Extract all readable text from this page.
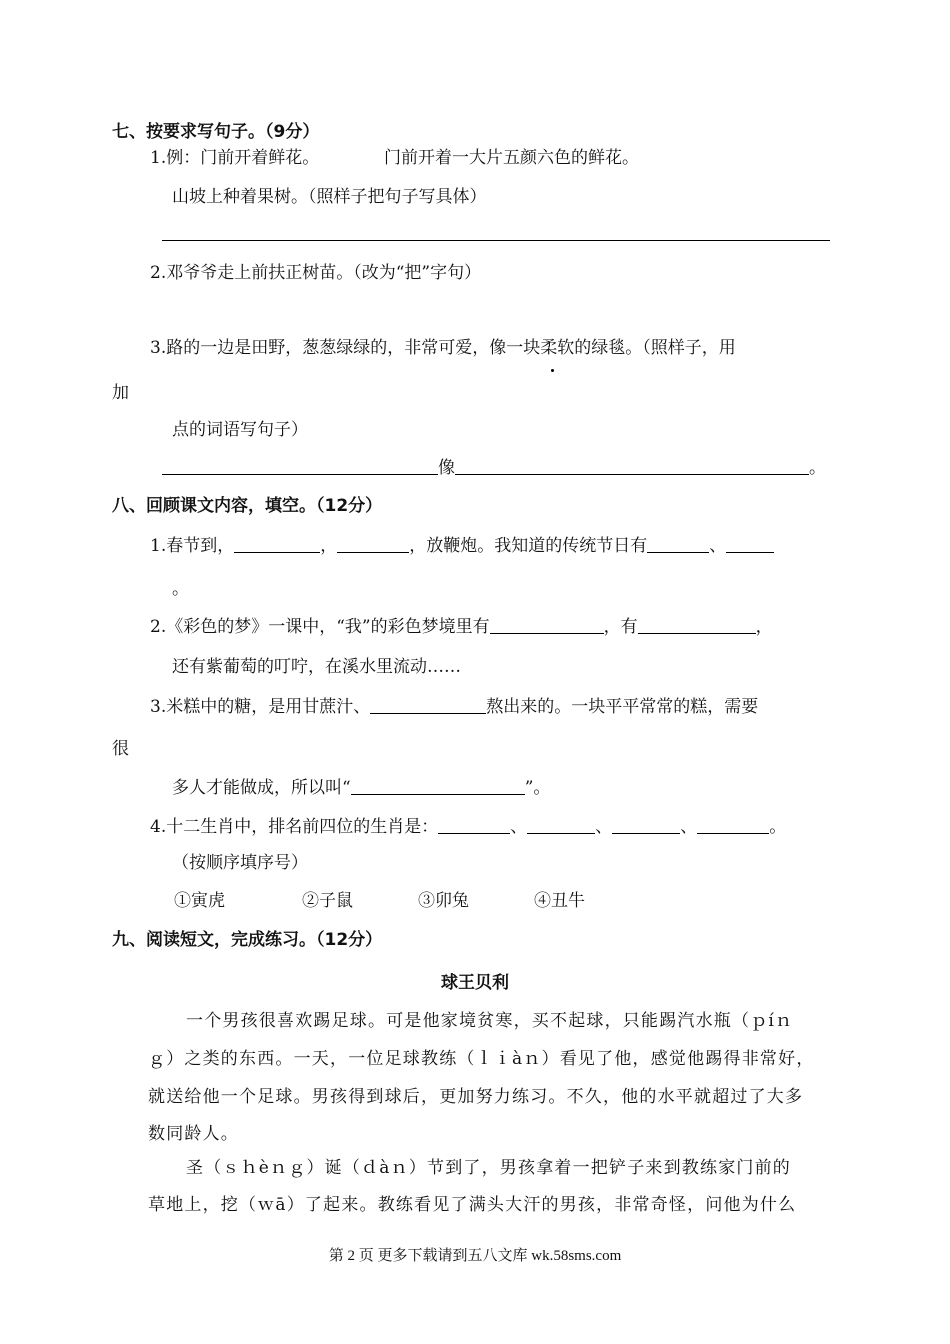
七、按要求写句子。（9分）
1.例：门前开着鲜花。	门前开着一大片五颜六色的鲜花。
山坡上种着果树。（照样子把句子写具体）
2.邓爷爷走上前扶正树苗。（改为“把”字句）
3.路的一边是田野，葱葱绿绿的，非常可爱，像一块柔软的绿毯。（照样子，用
加
点的词语写句子）
像	。
八、回顾课文内容，填空。（12分）
1.春节到，	，	，放鞭炮。我知道的传统节日有	、
。
2.《彩色的梦》一课中，“我”的彩色梦境里有	，有	，
还有紫葡萄的叮咛，在溪水里流动……
3.米糕中的糖，是用甘蔗汁、	熬出来的。一块平平常常的糕，需要
很
多人才能做成，所以叫“	”。
4.十二生肖中，排名前四位的生肖是：	、	、	、	。
（按顺序填序号）
①寅虎	②子鼠	③卯兔	④丑牛
九、阅读短文，完成练习。（12分）
球王贝利
一个男孩很喜欢踢足球。可是他家境贫寒，买不起球，只能踢汽水瓶（ｐíｎ
ｇ）之类的东西。一天，一位足球教练（ｌｉàｎ）看见了他，感觉他踢得非常好，
就送给他一个足球。男孩得到球后，更加努力练习。不久，他的水平就超过了大多
数同龄人。
圣（ｓｈèｎｇ）诞（ｄàｎ）节到了，男孩拿着一把铲子来到教练家门前的
草地上，挖（ｗā）了起来。教练看见了满头大汗的男孩，非常奇怪，问他为什么
第 2 页 更多下载请到五八文库 wk.58sms.com
